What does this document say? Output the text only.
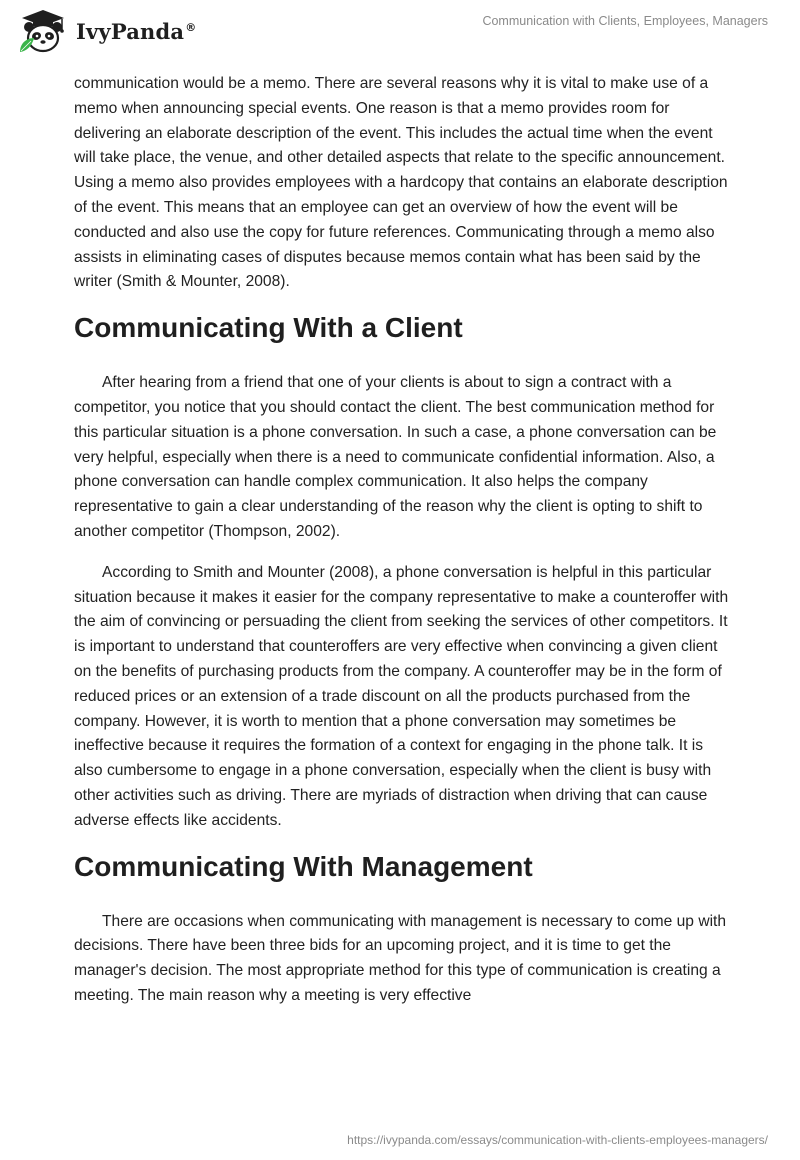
IvyPanda®	Communication with Clients, Employees, Managers

communication would be a memo. There are several reasons why it is vital to make use of a memo when announcing special events. One reason is that a memo provides room for delivering an elaborate description of the event. This includes the actual time when the event will take place, the venue, and other detailed aspects that relate to the specific announcement. Using a memo also provides employees with a hardcopy that contains an elaborate description of the event. This means that an employee can get an overview of how the event will be conducted and also use the copy for future references. Communicating through a memo also assists in eliminating cases of disputes because memos contain what has been said by the writer (Smith & Mounter, 2008).

Communicating With a Client

After hearing from a friend that one of your clients is about to sign a contract with a competitor, you notice that you should contact the client. The best communication method for this particular situation is a phone conversation. In such a case, a phone conversation can be very helpful, especially when there is a need to communicate confidential information. Also, a phone conversation can handle complex communication. It also helps the company representative to gain a clear understanding of the reason why the client is opting to shift to another competitor (Thompson, 2002).

According to Smith and Mounter (2008), a phone conversation is helpful in this particular situation because it makes it easier for the company representative to make a counteroffer with the aim of convincing or persuading the client from seeking the services of other competitors. It is important to understand that counteroffers are very effective when convincing a given client on the benefits of purchasing products from the company. A counteroffer may be in the form of reduced prices or an extension of a trade discount on all the products purchased from the company. However, it is worth to mention that a phone conversation may sometimes be ineffective because it requires the formation of a context for engaging in the phone talk. It is also cumbersome to engage in a phone conversation, especially when the client is busy with other activities such as driving. There are myriads of distraction when driving that can cause adverse effects like accidents.

Communicating With Management

There are occasions when communicating with management is necessary to come up with decisions. There have been three bids for an upcoming project, and it is time to get the manager's decision. The most appropriate method for this type of communication is creating a meeting. The main reason why a meeting is very effective

https://ivypanda.com/essays/communication-with-clients-employees-managers/
